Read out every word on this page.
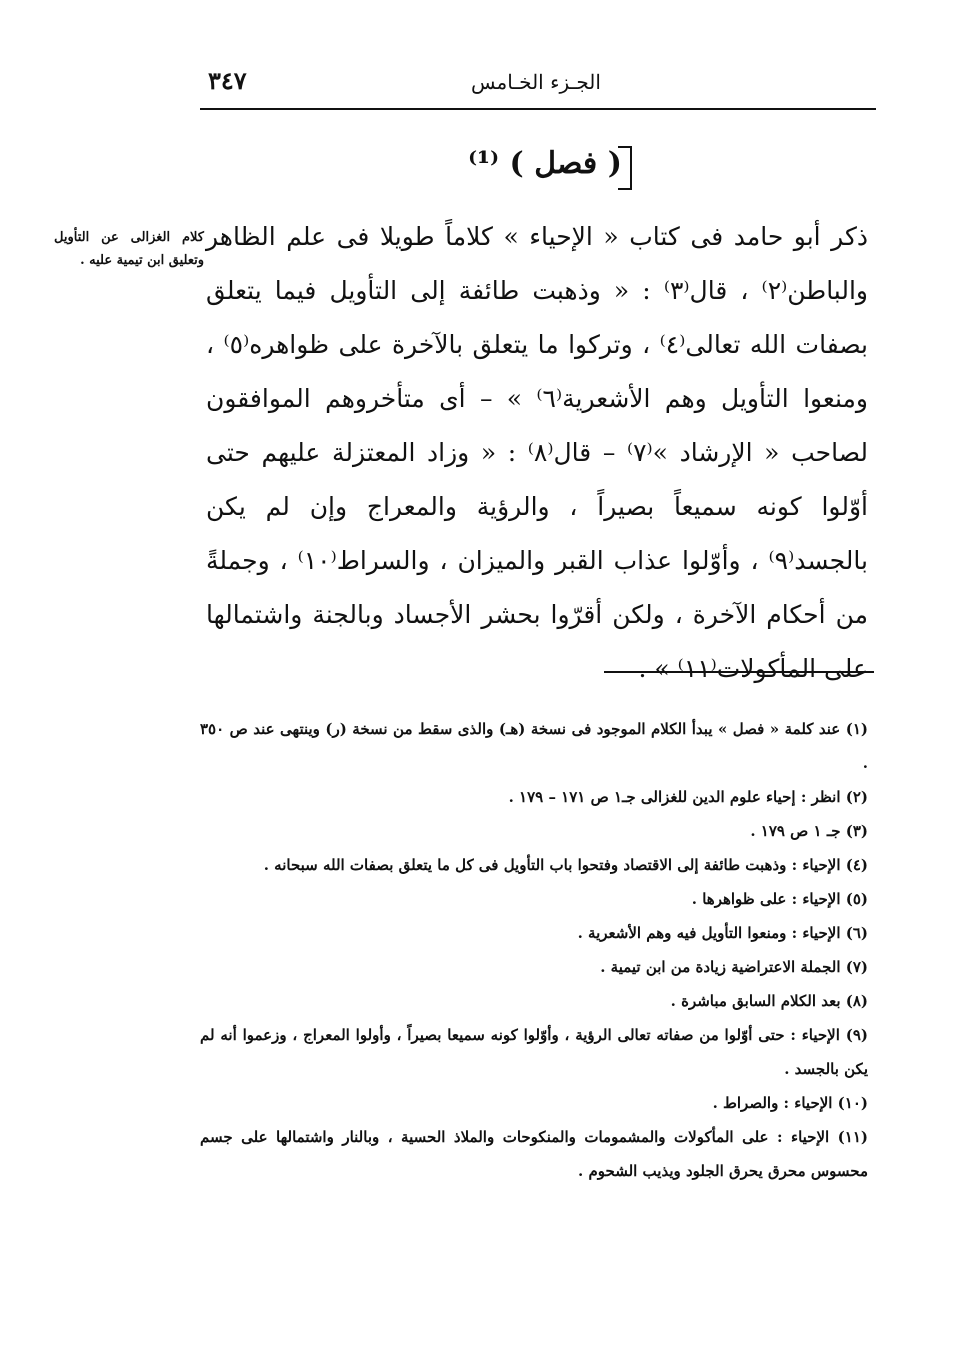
٣٤٧	الجـزء الخـامس
( فصل ) ⁽¹⁾
كلام الغزالى عن التأويل وتعليق ابن تيمية عليه .

ذكر أبو حامد فى كتاب « الإحياء » كلاماً طويلا فى علم الظاهر والباطن⁽٢⁾ ، قال⁽٣⁾ : « وذهبت طائفة إلى التأويل فيما يتعلق بصفات الله تعالى⁽٤⁾ ، وتركوا ما يتعلق بالآخرة على ظواهره⁽٥⁾ ، ومنعوا التأويل وهم الأشعرية⁽٦⁾ » – أى متأخروهم الموافقون لصاحب « الإرشاد »⁽٧⁾ – قال⁽٨⁾ : « وزاد المعتزلة عليهم حتى أوّلوا كونه سميعاً بصيراً ، والرؤية والمعراج وإن لم يكن بالجسد⁽٩⁾ ، وأوّلوا عذاب القبر والميزان ، والسراط⁽١٠⁾ ، وجملةً من أحكام الآخرة ، ولكن أقرّوا بحشر الأجساد وبالجنة واشتمالها على المأكولات⁽١١⁾ » .

(١) عند كلمة « فصل » يبدأ الكلام الموجود فى نسخة (هـ) والذى سقط من نسخة (ر) وينتهى عند ص ٣٥٠ .

(٢) انظر : إحياء علوم الدين للغزالى جـ١ ص ١٧١ – ١٧٩ .

(٣) جـ ١ ص ١٧٩ .

(٤) الإحياء : وذهبت طائفة إلى الاقتصاد وفتحوا باب التأويل فى كل ما يتعلق بصفات الله سبحانه .

(٥) الإحياء : على ظواهرها .

(٦) الإحياء : ومنعوا التأويل فيه وهم الأشعرية .

(٧) الجملة الاعتراضية زيادة من ابن تيمية .

(٨) بعد الكلام السابق مباشرة .

(٩) الإحياء : حتى أوّلوا من صفاته تعالى الرؤية ، وأوّلوا كونه سميعا بصيراً ، وأولوا المعراج ، وزعموا أنه لم يكن بالجسد .

(١٠) الإحياء : والصراط .

(١١) الإحياء : على المأكولات والمشمومات والمنكوحات والملاذ الحسية ، وبالنار واشتمالها على جسم محسوس محرق يحرق الجلود ويذيب الشحوم .
